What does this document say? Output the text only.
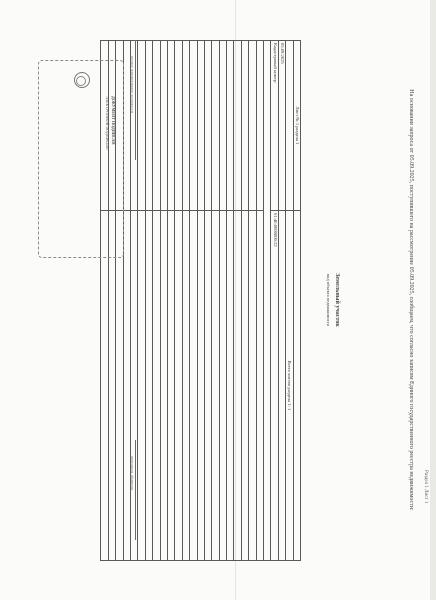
Раздел 1 Лист 1
На основании запроса от 05.09.2025, поступившего на рассмотрение 05.09.2025, сообщаем, что согласно записям Единого государственного реестра недвижимости:
Земельный участок
вид объекта недвижимости
Лист № 1 раздела 1	
	Всего листов раздела 1: 1
05.09.2025	
Кадастровый номер:	61:40:0000000:22

полное наименование должности
инициалы, фамилия
ДОКУМЕНТ ПОДПИСАН
ЭЛЕКТРОННОЙ ПОДПИСЬЮ
